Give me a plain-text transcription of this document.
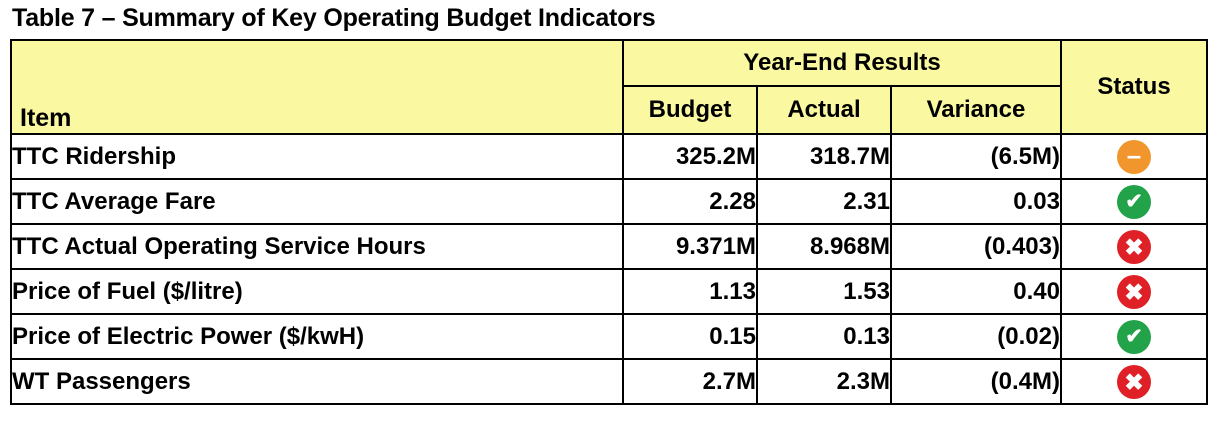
Table 7 – Summary of Key Operating Budget Indicators
Item	Year-End Results			Status
	Budget	Actual	Variance	
TTC Ridership	325.2M	318.7M	(6.5M)	–

TTC Average Fare	2.28	2.31	0.03	✔

TTC Actual Operating Service Hours	9.371M	8.968M	(0.403)	✖

Price of Fuel ($/litre)	1.13	1.53	0.40	✖

Price of Electric Power ($/kwH)	0.15	0.13	(0.02)	✔

WT Passengers	2.7M	2.3M	(0.4M)	✖
